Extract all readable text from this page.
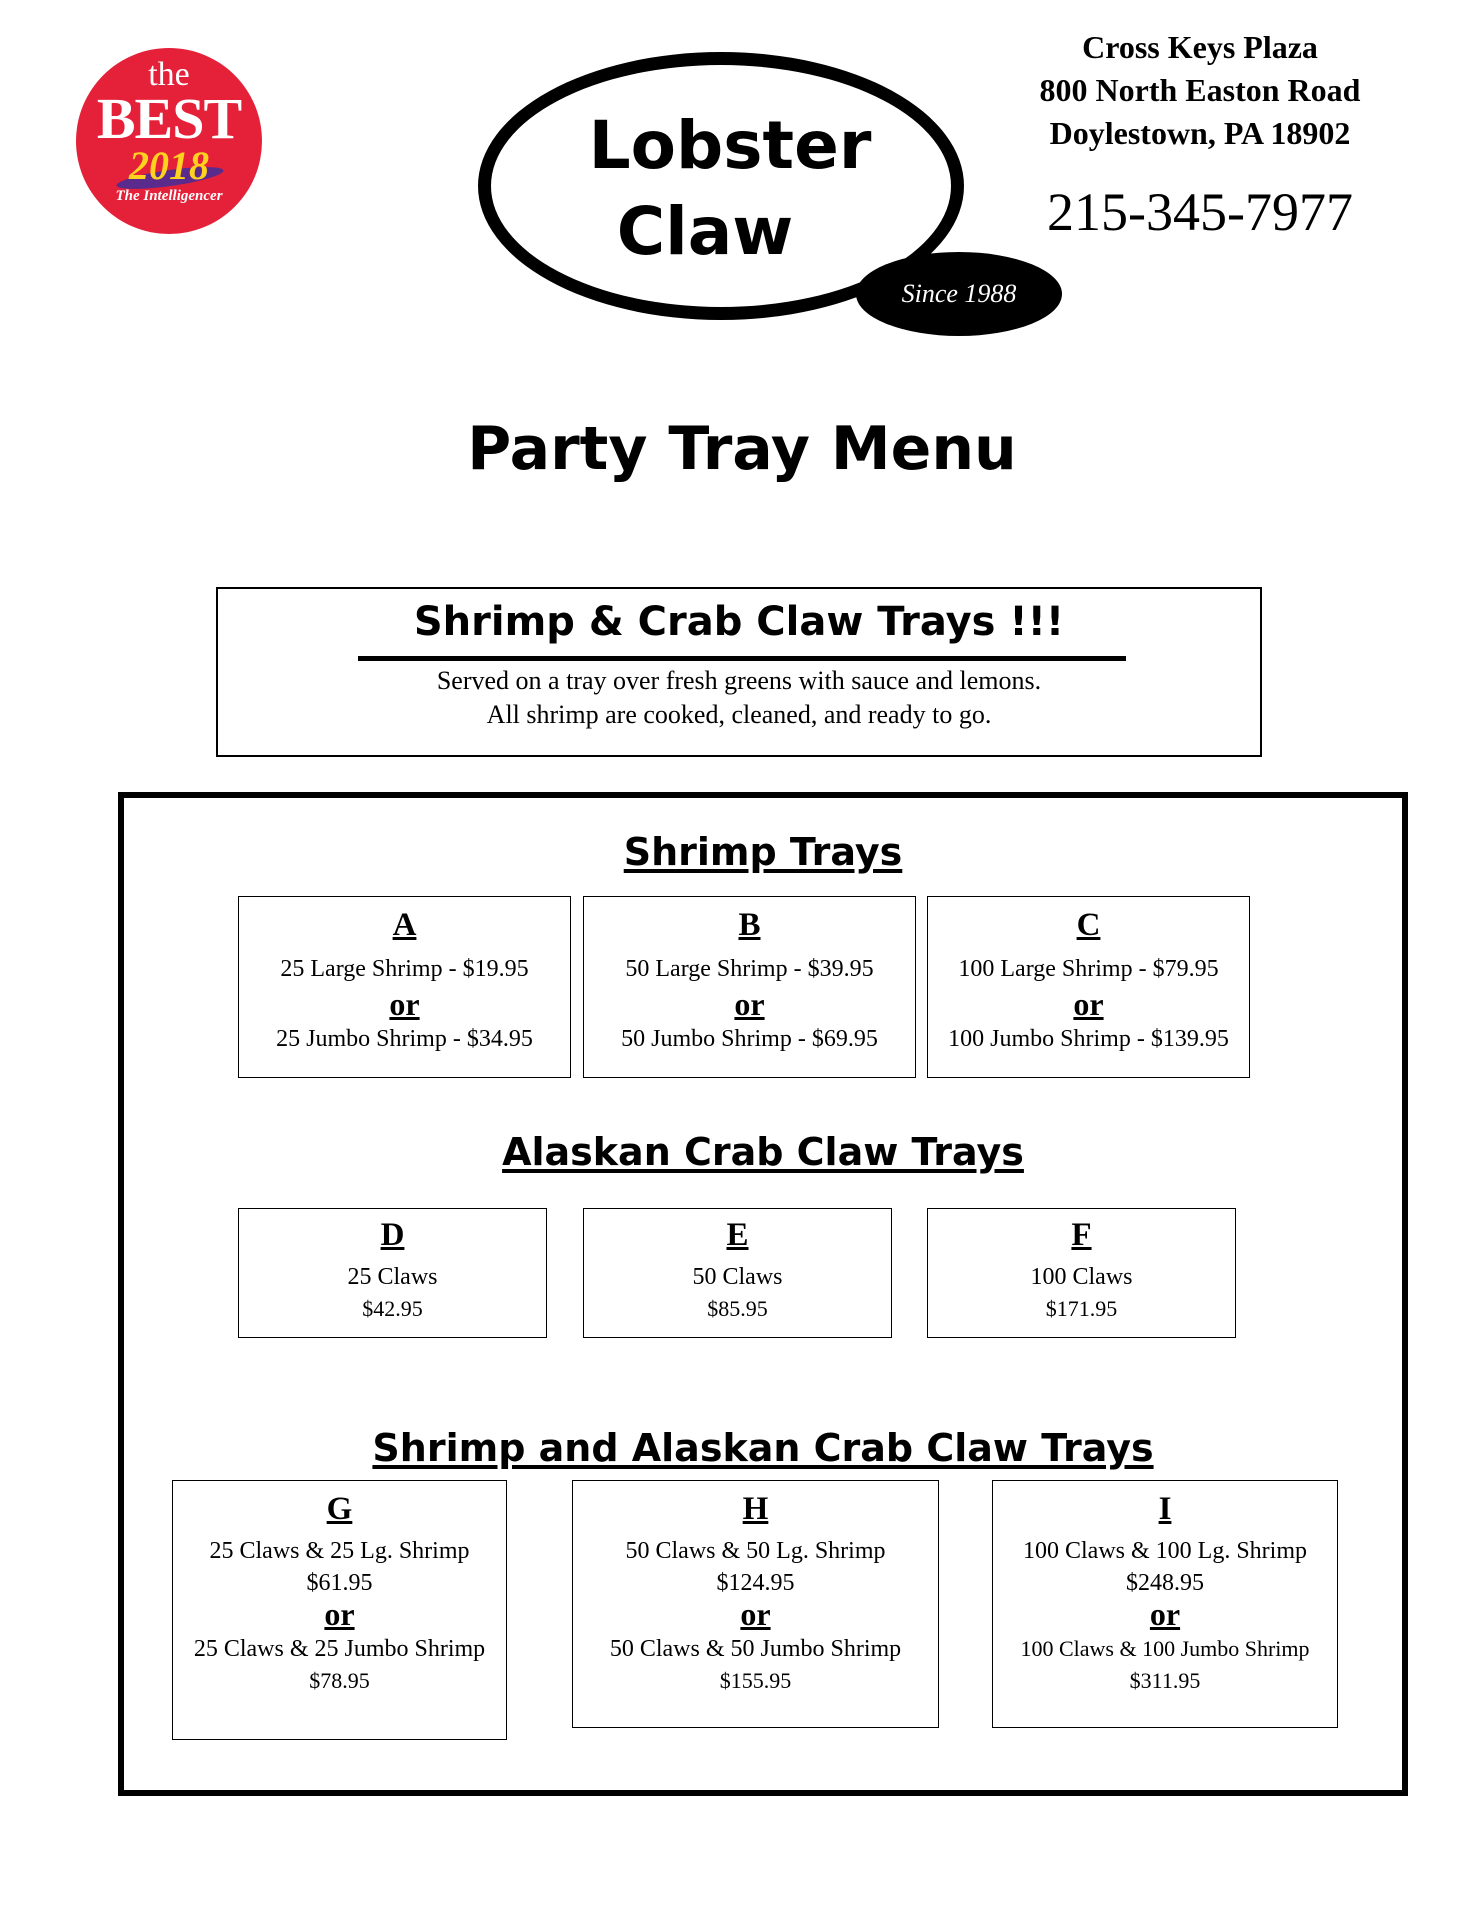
the
BEST
2018
The Intelligencer
Lobster
Claw
Since 1988
Cross Keys Plaza
800 North Easton Road
Doylestown, PA 18902
215-345-7977
Party Tray Menu
Shrimp & Crab Claw Trays !!!
Served on a tray over fresh greens with sauce and lemons.
All shrimp are cooked, cleaned, and ready to go.
Shrimp Trays
A
25 Large Shrimp - $19.95
or
25 Jumbo Shrimp - $34.95
B
50 Large Shrimp - $39.95
or
50 Jumbo Shrimp - $69.95
C
100 Large Shrimp - $79.95
or
100 Jumbo Shrimp - $139.95
Alaskan Crab Claw Trays
D
25 Claws
$42.95
E
50 Claws
$85.95
F
100 Claws
$171.95
Shrimp and Alaskan Crab Claw Trays
G
25 Claws & 25 Lg. Shrimp
$61.95
or
25 Claws & 25 Jumbo Shrimp
$78.95
H
50 Claws & 50 Lg. Shrimp
$124.95
or
50 Claws & 50 Jumbo Shrimp
$155.95
I
100 Claws & 100 Lg. Shrimp
$248.95
or
100 Claws & 100 Jumbo Shrimp
$311.95
